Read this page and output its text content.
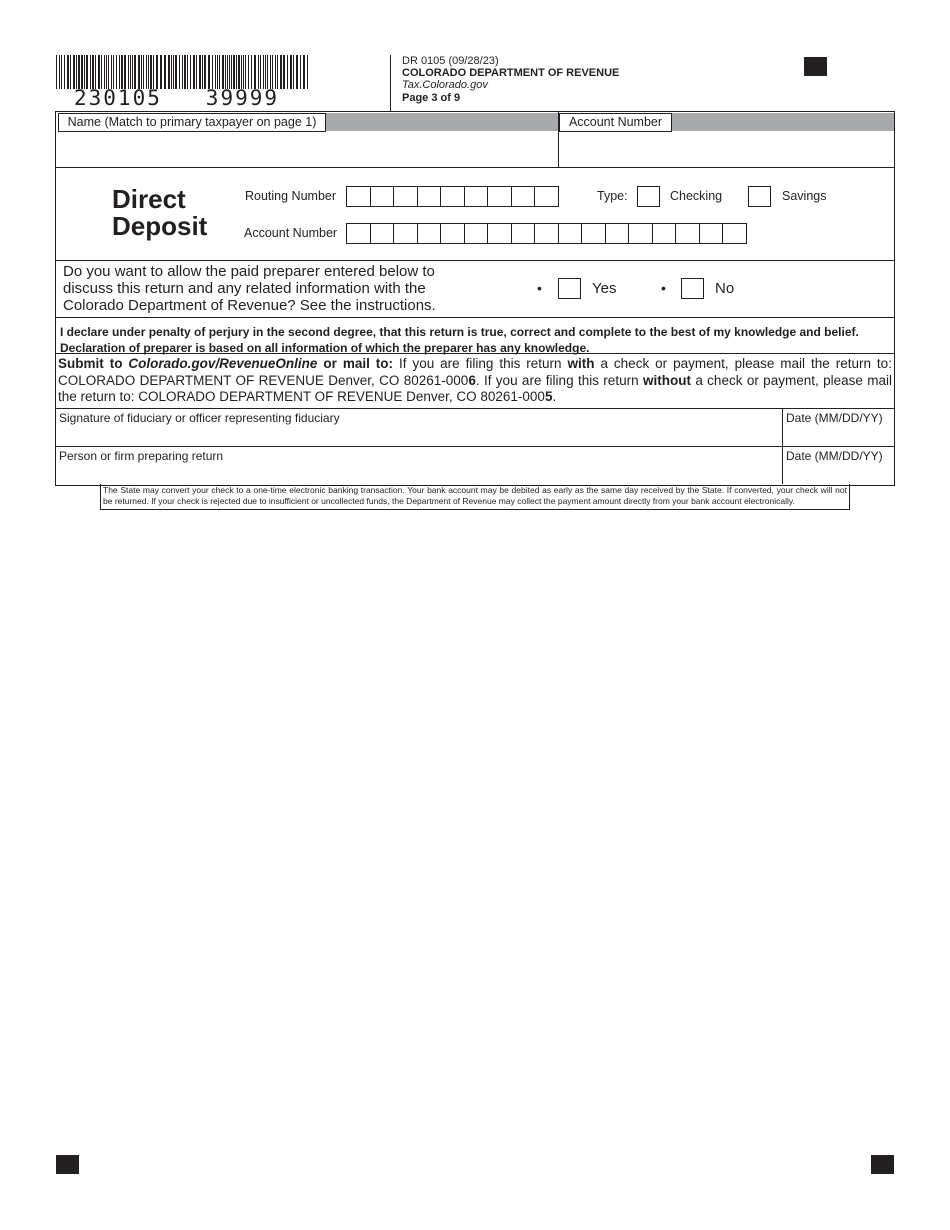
230105 39999
DR 0105 (09/28/23)
COLORADO DEPARTMENT OF REVENUE
Tax.Colorado.gov
Page 3 of 9
Name (Match to primary taxpayer on page 1)	Account Number
Direct
Deposit
Routing Number
Account Number
Type:	Checking	Savings
Do you want to allow the paid preparer entered below to discuss this return and any related information with the Colorado Department of Revenue? See the instructions.
•	Yes	•	No
I declare under penalty of perjury in the second degree, that this return is true, correct and complete to the best of my knowledge and belief.
Declaration of preparer is based on all information of which the preparer has any knowledge.
Submit to Colorado.gov/RevenueOnline or mail to: If you are filing this return with a check or payment, please mail the return to: COLORADO DEPARTMENT OF REVENUE Denver, CO 80261-0006. If you are filing this return without a check or payment, please mail the return to: COLORADO DEPARTMENT OF REVENUE Denver, CO 80261-0005.
Signature of fiduciary or officer representing fiduciary	Date (MM/DD/YY)
Person or firm preparing return	Date (MM/DD/YY)
The State may convert your check to a one-time electronic banking transaction. Your bank account may be debited as early as the same day received by the State. If converted, your check will not be returned. If your check is rejected due to insufficient or uncollected funds, the Department of Revenue may collect the payment amount directly from your bank account electronically.
